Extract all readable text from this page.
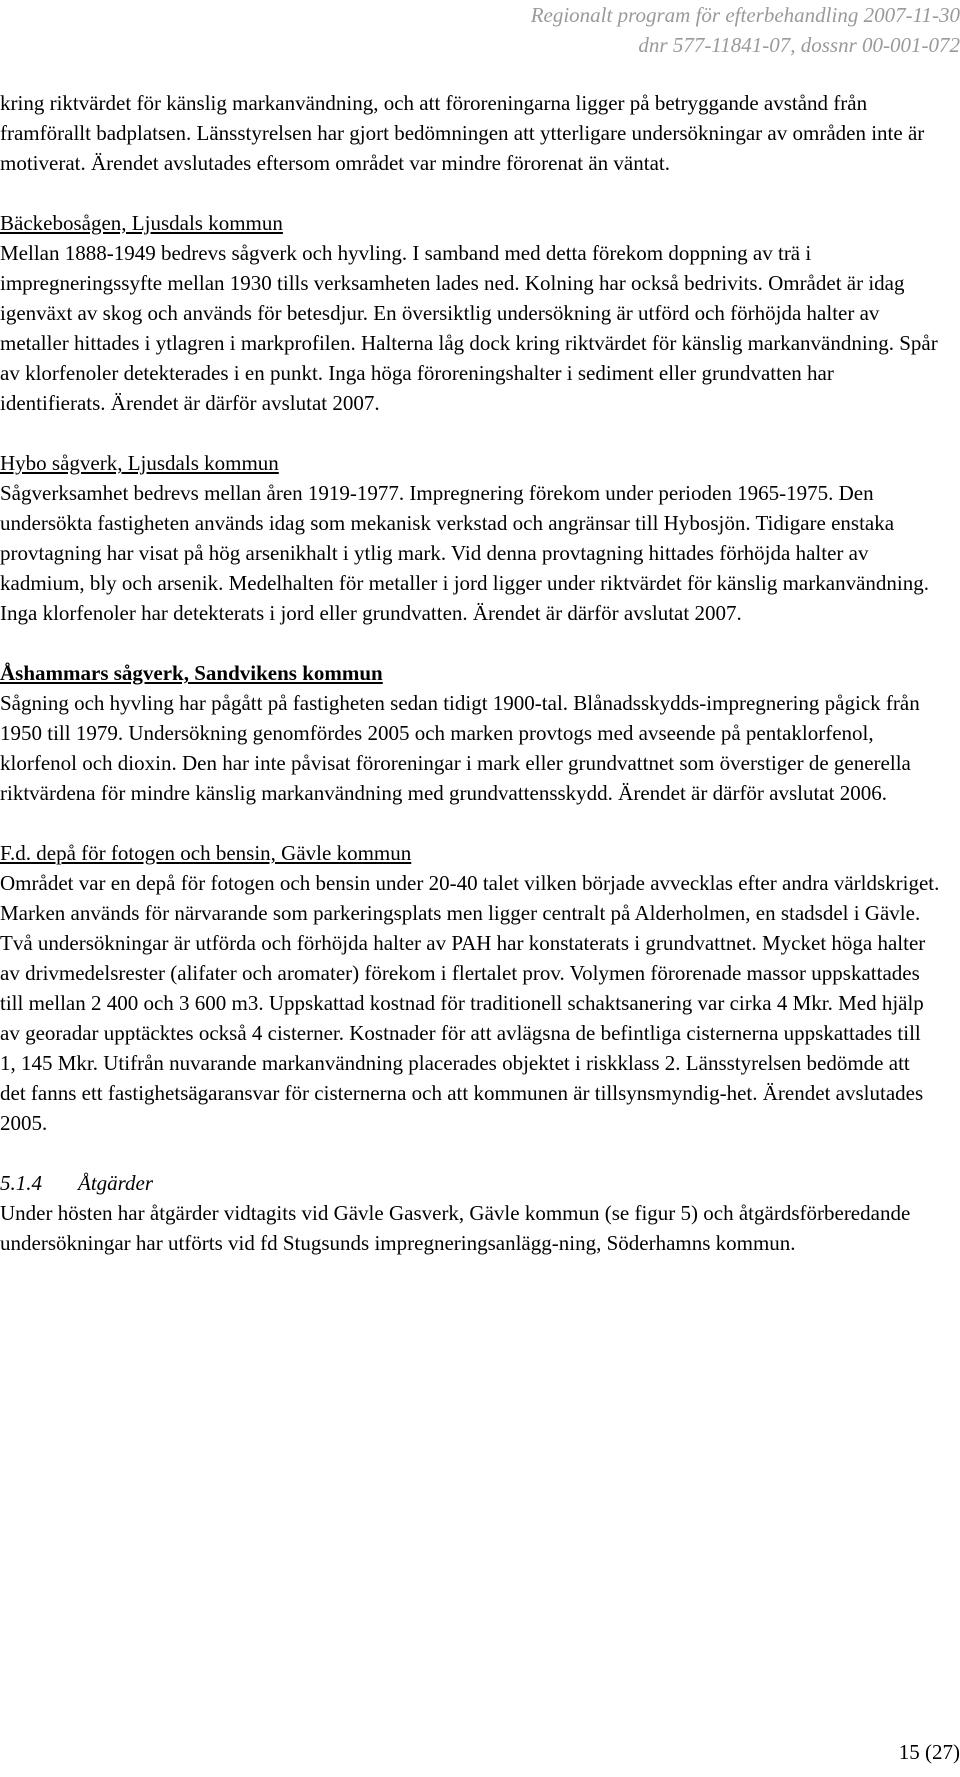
Regionalt program för efterbehandling 2007-11-30
dnr 577-11841-07, dossnr 00-001-072

kring riktvärdet för känslig markanvändning, och att föroreningarna ligger på betryggande avstånd från framförallt badplatsen. Länsstyrelsen har gjort bedömningen att ytterligare undersökningar av områden inte är motiverat. Ärendet avslutades eftersom området var mindre förorenat än väntat.

Bäckebosågen, Ljusdals kommun

Mellan 1888-1949 bedrevs sågverk och hyvling. I samband med detta förekom doppning av trä i impregneringssyfte mellan 1930 tills verksamheten lades ned. Kolning har också bedrivits. Området är idag igenväxt av skog och används för betesdjur. En översiktlig undersökning är utförd och förhöjda halter av metaller hittades i ytlagren i markprofilen. Halterna låg dock kring riktvärdet för känslig markanvändning. Spår av klorfenoler detekterades i en punkt. Inga höga föroreningshalter i sediment eller grundvatten har identifierats. Ärendet är därför avslutat 2007.

Hybo sågverk, Ljusdals kommun

Sågverksamhet bedrevs mellan åren 1919-1977. Impregnering förekom under perioden 1965-1975. Den undersökta fastigheten används idag som mekanisk verkstad och angränsar till Hybosjön. Tidigare enstaka provtagning har visat på hög arsenikhalt i ytlig mark. Vid denna provtagning hittades förhöjda halter av kadmium, bly och arsenik. Medelhalten för metaller i jord ligger under riktvärdet för känslig markanvändning. Inga klorfenoler har detekterats i jord eller grundvatten. Ärendet är därför avslutat 2007.

Åshammars sågverk, Sandvikens kommun

Sågning och hyvling har pågått på fastigheten sedan tidigt 1900-tal. Blånadsskydds-impregnering pågick från 1950 till 1979. Undersökning genomfördes 2005 och marken provtogs med avseende på pentaklorfenol, klorfenol och dioxin. Den har inte påvisat föroreningar i mark eller grundvattnet som överstiger de generella riktvärdena för mindre känslig markanvändning med grundvattensskydd. Ärendet är därför avslutat 2006.

F.d. depå för fotogen och bensin, Gävle kommun

Området var en depå för fotogen och bensin under 20-40 talet vilken började avvecklas efter andra världskriget. Marken används för närvarande som parkeringsplats men ligger centralt på Alderholmen, en stadsdel i Gävle. Två undersökningar är utförda och förhöjda halter av PAH har konstaterats i grundvattnet. Mycket höga halter av drivmedelsrester (alifater och aromater) förekom i flertalet prov. Volymen förorenade massor uppskattades till mellan 2 400 och 3 600 m3. Uppskattad kostnad för traditionell schaktsanering var cirka 4 Mkr. Med hjälp av georadar upptäcktes också 4 cisterner. Kostnader för att avlägsna de befintliga cisternerna uppskattades till 1, 145 Mkr. Utifrån nuvarande markanvändning placerades objektet i riskklass 2. Länsstyrelsen bedömde att det fanns ett fastighetsägaransvar för cisternerna och att kommunen är tillsynsmyndig-het. Ärendet avslutades 2005.

5.1.4 Åtgärder

Under hösten har åtgärder vidtagits vid Gävle Gasverk, Gävle kommun (se figur 5) och åtgärdsförberedande undersökningar har utförts vid fd Stugsunds impregneringsanlägg-ning, Söderhamns kommun.

15 (27)
